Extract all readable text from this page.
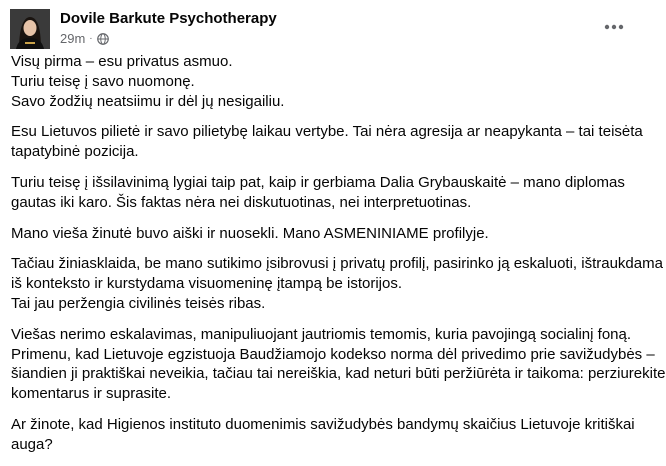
Dovile Barkute Psychotherapy
29m ·
Visų pirma – esu privatus asmuo.
Turiu teisę į savo nuomonę.
Savo žodžių neatsiimu ir dėl jų nesigailiu.
Esu Lietuvos pilietė ir savo pilietybę laikau vertybe. Tai nėra agresija ar neapykanta – tai teisėta
tapatybinė pozicija.
Turiu teisę į išsilavinimą lygiai taip pat, kaip ir gerbiama Dalia Grybauskaitė – mano diplomas
gautas iki karo. Šis faktas nėra nei diskutuotinas, nei interpretuotinas.
Mano viešа žinutė buvo aiški ir nuosekli. Mano ASMENINIAME profilyje.
Tačiau žiniasklaida, be mano sutikimo įsibrovusi į privatų profilį, pasirinko ją eskaluoti, ištraukdama
iš konteksto ir kurstydama visuomeninę įtampą be istorijos.
Tai jau peržengia civilinės teisės ribas.
Viešas nerimo eskalavimas, manipuliuojant jautriomis temomis, kuria pavojingą socialinį foną.
Primenu, kad Lietuvoje egzistuoja Baudžiamojo kodekso norma dėl privedimo prie savižudybės –
šiandien ji praktiškai neveikia, tačiau tai nereiškia, kad neturi būti peržiūrėta ir taikoma: perziurekite
komentarus ir suprasite.
Ar žinote, kad Higienos instituto duomenimis savižudybės bandymų skaičius Lietuvoje kritiškai
auga?
